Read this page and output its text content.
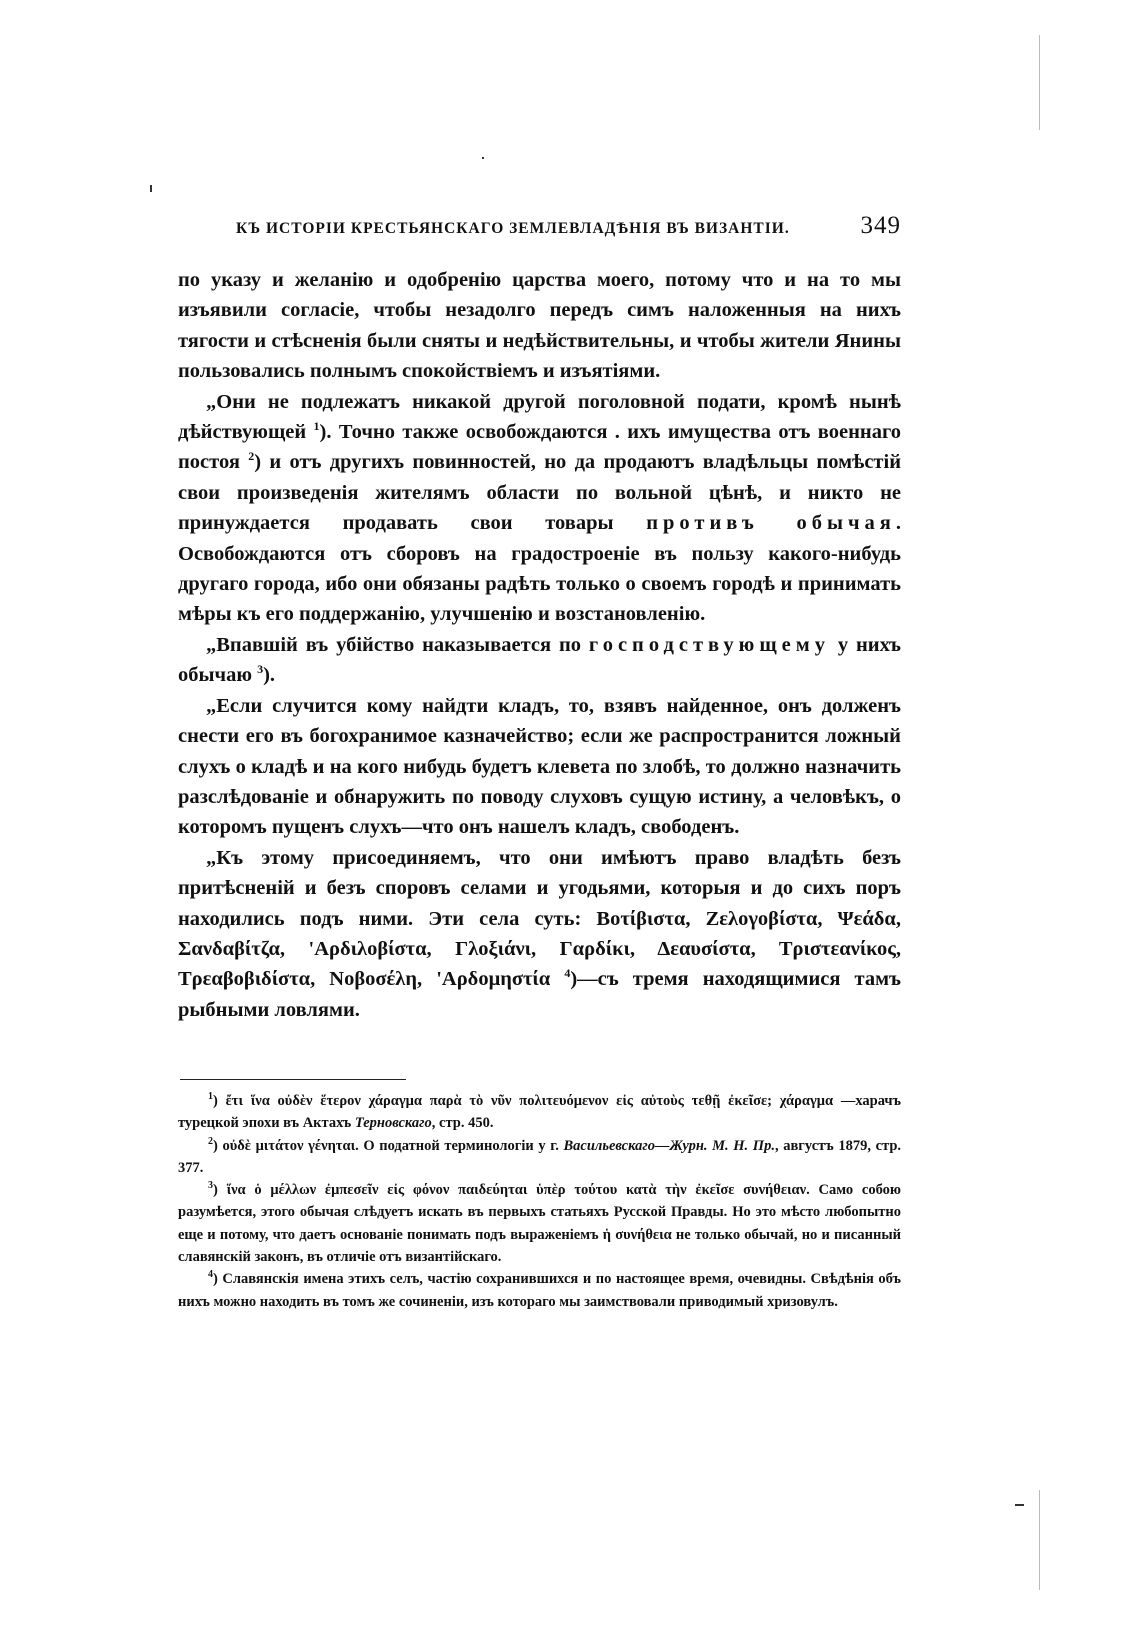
КЪ ИСТОРІИ КРЕСТЬЯНСКАГО ЗЕМЛЕВЛАДѢНІЯ ВЪ ВИЗАНТІИ.	349

по указу и желанію и одобренію царства моего, потому что и на то мы изъявили согласіе, чтобы незадолго передъ симъ наложенныя на нихъ тягости и стѣсненія были сняты и недѣйствительны, и чтобы жители Янины пользовались полнымъ спокойствіемъ и изъятіями.

„Они не подлежатъ никакой другой поголовной подати, кромѣ нынѣ дѣйствующей $^1$). Точно также освобождаются . ихъ имущества отъ военнаго постоя $^2$) и отъ другихъ повинностей, но да продаютъ владѣльцы помѣстій свои произведенія жителямъ области по вольной цѣнѣ, и никто не принуждается продавать свои товары противъ обычая. Освобождаются отъ сборовъ на градостроеніе въ пользу какого-нибудь другаго города, ибо они обязаны радѣть только о своемъ городѣ и принимать мѣры къ его поддержанію, улучшенію и возстановленію.

„Впавшій въ убійство наказывается по господствующему у нихъ обычаю $^3$).

„Если случится кому найдти кладъ, то, взявъ найденное, онъ долженъ снести его въ богохранимое казначейство; если же распространится ложный слухъ о кладѣ и на кого нибудь будетъ клевета по злобѣ, то должно назначить разслѣдованіе и обнаружить по поводу слуховъ сущую истину, а человѣкъ, о которомъ пущенъ слухъ—что онъ нашелъ кладъ, свободенъ.

„Къ этому присоединяемъ, что они имѣютъ право владѣть безъ притѣсненій и безъ споровъ селами и угодьями, которыя и до сихъ поръ находились подъ ними. Эти села суть: Βοτίβιστα, Ζελογοβίστα, Ψεάδα, Σανδαβίτζα, 'Αρδιλοβίστα, Γλοξιάνι, Γαρδίκι, Δεαυσίστα, Τριστεανίκος, Τρεαβοβιδίστα, Νοβοσέλη, 'Αρδομηστία $^4$)—съ тремя находящимися тамъ рыбными ловлями.

$^1$) ἔτι ἵνα οὐδὲν ἕτερον χάραγμα παρὰ τὸ νῦν πολιτευόμενον εἰς αὐτοὺς τεθῇ ἐκεῖσε; χάραγμα —харачъ турецкой эпохи въ Актахъ Терновскаго, стр. 450.

$^2$) οὐδὲ μιτάτον γένηται. О податной терминологіи у г. Васильевскаго—Журн. М. Н. Пр., августъ 1879, стр. 377.

$^3$) ἵνα ὁ μέλλων ἐμπεσεῖν εἰς φόνον παιδεύηται ὑπὲρ τούτου κατὰ τὴν ἐκεῖσε συνήθειαν. Само собою разумѣется, этого обычая слѣдуетъ искать въ первыхъ статьяхъ Русской Правды. Но это мѣсто любопытно еще и потому, что даетъ основаніе понимать подъ выраженіемъ ἡ συνήθεια не только обычай, но и писанный славянскій законъ, въ отличіе отъ византійскаго.

$^4$) Славянскія имена этихъ селъ, частію сохранившихся и по настоящее время, очевидны. Свѣдѣнія объ нихъ можно находить въ томъ же сочиненіи, изъ котораго мы заимствовали приводимый хризовулъ.
